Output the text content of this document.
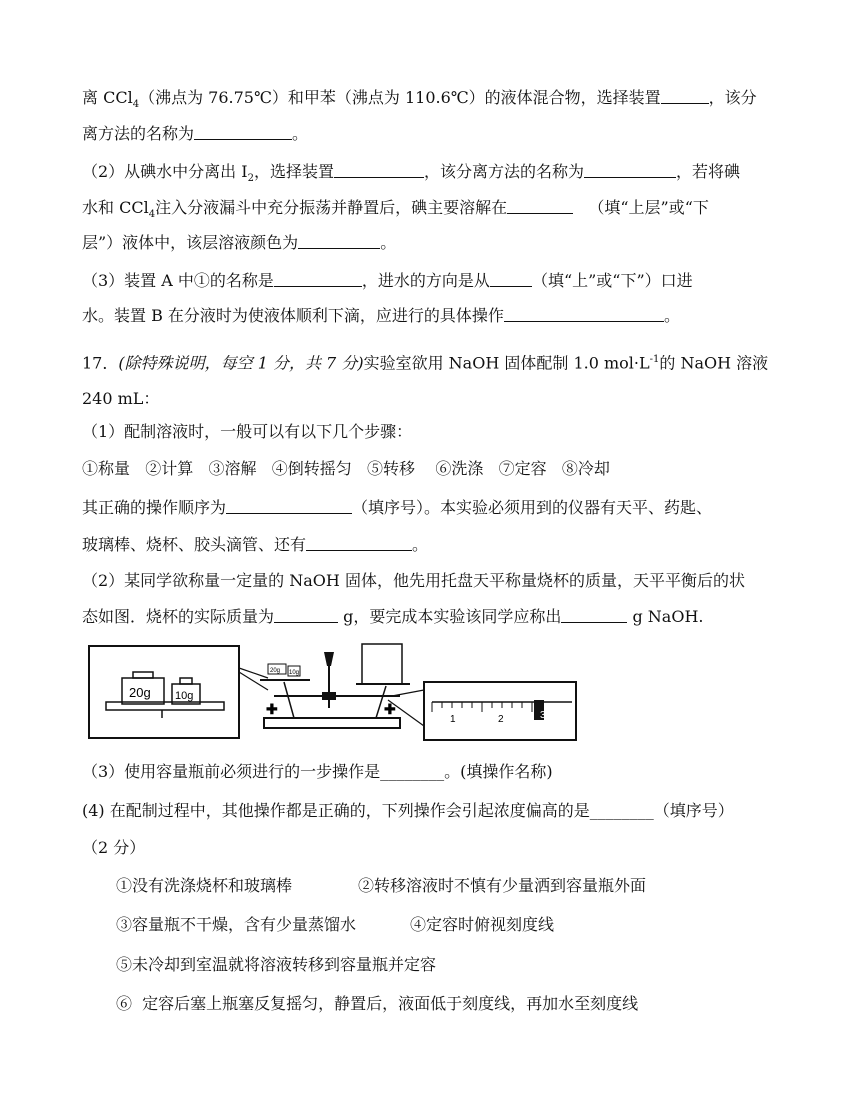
离 CCl$_4$（沸点为 76.75℃）和甲苯（沸点为 110.6℃）的液体混合物，选择装置	，该分
离方法的名称为	。
（2）从碘水中分离出 $I_2$，选择装置	，该分离方法的名称为	，若将碘
水和 CCl$_4$注入分液漏斗中充分振荡并静置后，碘主要溶解在	（填“上层”或“下
层”）液体中，该层溶液颜色为	。
（3）装置 A 中①的名称是	，进水的方向是从	（填“上”或“下”）口进
水。装置 B 在分液时为使液体顺利下滴，应进行的具体操作	。
17．(除特殊说明，每空 1 分，共 7 分)实验室欲用 NaOH 固体配制 1.0 $mol\cdot L^{-1}$的 NaOH 溶液
240 mL：
（1）配制溶液时，一般可以有以下几个步骤：
①称量   ②计算   ③溶解   ④倒转摇匀   ⑤转移    ⑥洗涤   ⑦定容   ⑧冷却
其正确的操作顺序为	（填序号）。本实验必须用到的仪器有天平、药匙、
玻璃棒、烧杯、胶头滴管、还有	。
（2）某同学欲称量一定量的 NaOH 固体，他先用托盘天平称量烧杯的质量，天平平衡后的状
态如图．烧杯的实际质量为	g，要完成本实验该同学应称出	g NaOH.
20g 10g
20g 10g
✚	✚
1	2	3
（3）使用容量瓶前必须进行的一步操作是________。(填操作名称)
(4) 在配制过程中，其他操作都是正确的，下列操作会引起浓度偏高的是________（填序号）
（2 分）
①没有洗涤烧杯和玻璃棒	②转移溶液时不慎有少量洒到容量瓶外面
③容量瓶不干燥，含有少量蒸馏水	④定容时俯视刻度线
⑤未冷却到室温就将溶液转移到容量瓶并定容
⑥  定容后塞上瓶塞反复摇匀，静置后，液面低于刻度线，再加水至刻度线
